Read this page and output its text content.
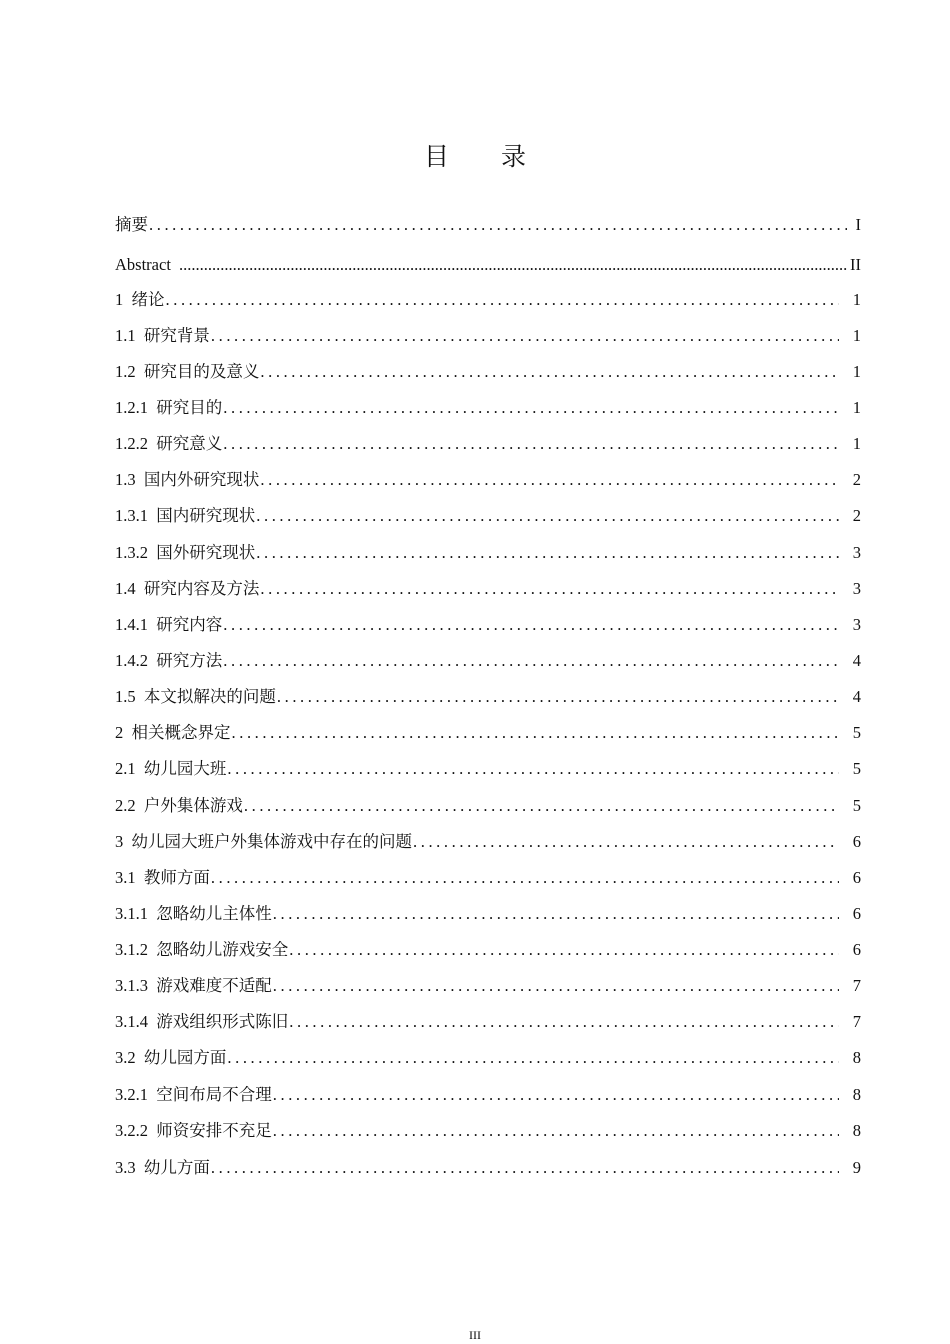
目 录
摘要 .....	I
Abstract .....	II
1  绪论 .....	1
1.1  研究背景 .....	1
1.2  研究目的及意义 .....	1
1.2.1  研究目的 .....	1
1.2.2  研究意义 .....	1
1.3  国内外研究现状 .....	2
1.3.1  国内研究现状 .....	2
1.3.2  国外研究现状 .....	3
1.4  研究内容及方法 .....	3
1.4.1  研究内容 .....	3
1.4.2  研究方法 .....	4
1.5  本文拟解决的问题 .....	4
2  相关概念界定 .....	5
2.1  幼儿园大班 .....	5
2.2  户外集体游戏 .....	5
3  幼儿园大班户外集体游戏中存在的问题 .....	6
3.1  教师方面 .....	6
3.1.1  忽略幼儿主体性 .....	6
3.1.2  忽略幼儿游戏安全 .....	6
3.1.3  游戏难度不适配 .....	7
3.1.4  游戏组织形式陈旧 .....	7
3.2  幼儿园方面 .....	8
3.2.1  空间布局不合理 .....	8
3.2.2  师资安排不充足 .....	8
3.3  幼儿方面 .....	9
III
